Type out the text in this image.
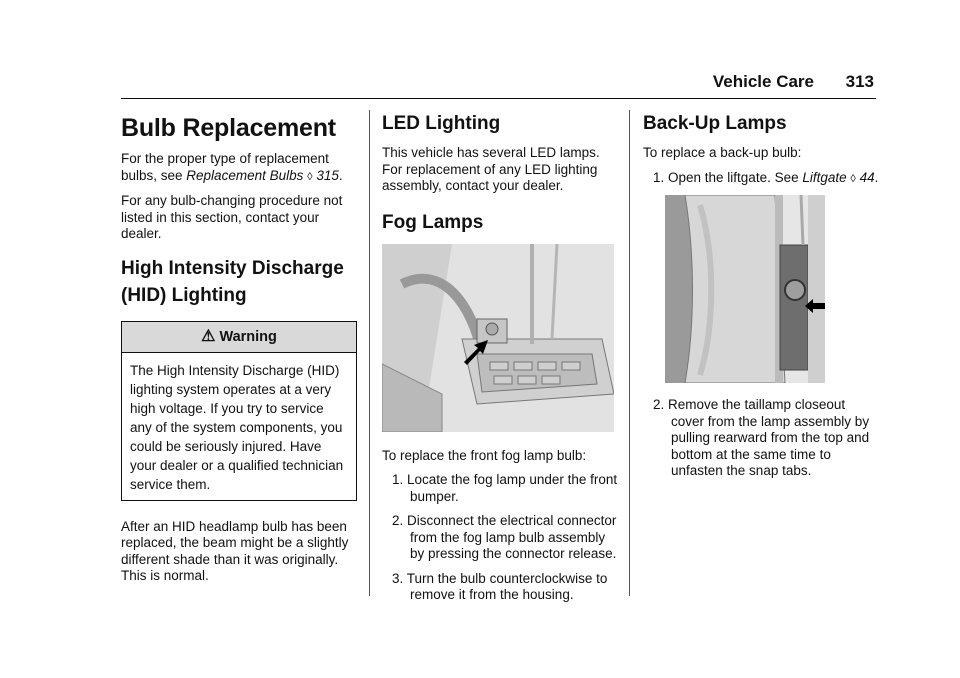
Vehicle Care 313
Bulb Replacement

For the proper type of replacement bulbs, see Replacement Bulbs ◊ 315.

For any bulb-changing procedure not listed in this section, contact your dealer.

High Intensity Discharge (HID) Lighting
⚠ Warning
The High Intensity Discharge (HID) lighting system operates at a very high voltage. If you try to service any of the system components, you could be seriously injured. Have your dealer or a qualified technician service them.

After an HID headlamp bulb has been replaced, the beam might be a slightly different shade than it was originally. This is normal.

LED Lighting

This vehicle has several LED lamps. For replacement of any LED lighting assembly, contact your dealer.

Fog Lamps

To replace the front fog lamp bulb:

1. Locate the fog lamp under the front bumper.
2. Disconnect the electrical connector from the fog lamp bulb assembly by pressing the connector release.
3. Turn the bulb counterclockwise to remove it from the housing.
Back-Up Lamps

To replace a back-up bulb:

1. Open the liftgate. See Liftgate ◊ 44.
2. Remove the taillamp closeout cover from the lamp assembly by pulling rearward from the top and bottom at the same time to unfasten the snap tabs.
